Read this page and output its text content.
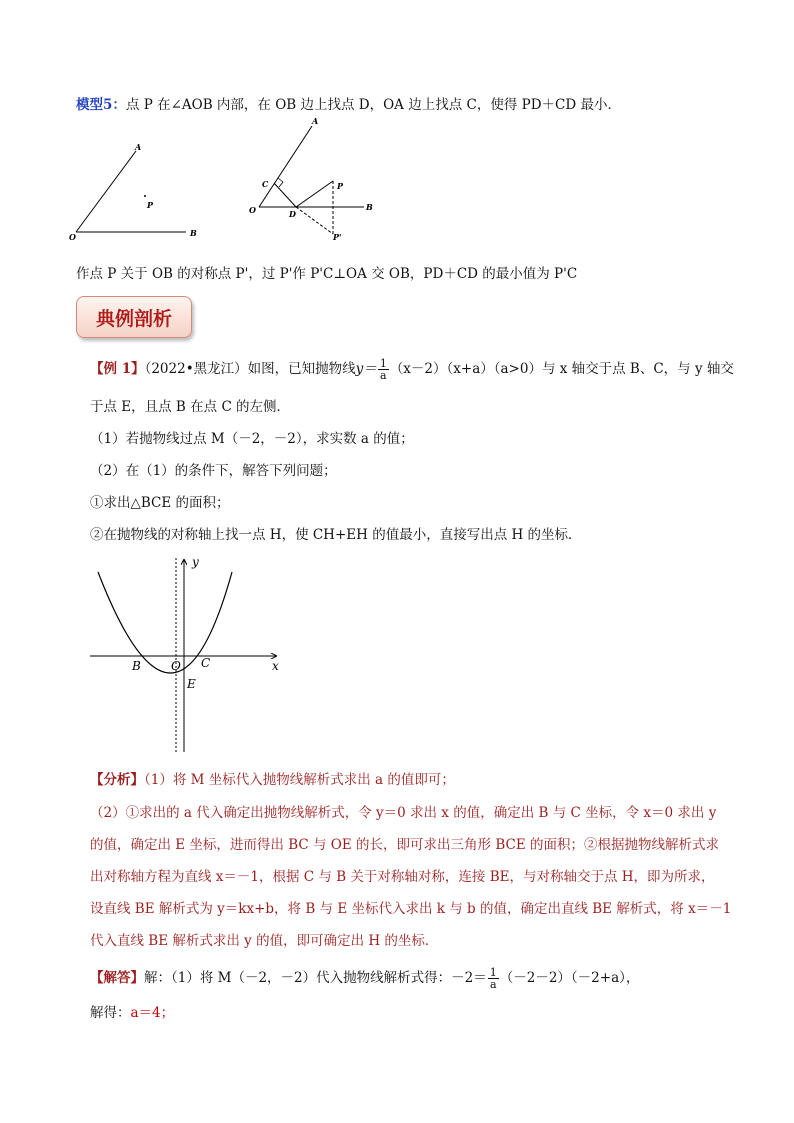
模型5：点 P 在∠AOB 内部，在 OB 边上找点 D，OA 边上找点 C，使得 PD＋CD 最小．
A
O	B
P
A
C
O	D
B
P
P'
作点 P 关于 OB 的对称点 P'，过 P'作 P'C⊥OA 交 OB，PD＋CD 的最小值为 P'C
典例剖析
【例 1】（2022•黑龙江）如图，已知抛物线$y= \frac{1}{a} (x-2)(x+a)(a>0)$与 x 轴交于点 B、C，与 y 轴交
于点 E，且点 B 在点 C 的左侧．
（1）若抛物线过点 M（－2，－2），求实数 a 的值；
（2）在（1）的条件下，解答下列问题；
①求出△BCE 的面积；
②在抛物线的对称轴上找一点 H，使 CH+EH 的值最小，直接写出点 H 的坐标．
y
x
B	O C
E
【分析】（1）将 M 坐标代入抛物线解析式求出 a 的值即可；
（2）①求出的 a 代入确定出抛物线解析式，令 y＝0 求出 x 的值，确定出 B 与 C 坐标，令 x＝0 求出 y
的值，确定出 E 坐标，进而得出 BC 与 OE 的长，即可求出三角形 BCE 的面积；②根据抛物线解析式求
出对称轴方程为直线 x＝－1，根据 C 与 B 关于对称轴对称，连接 BE，与对称轴交于点 H，即为所求，
设直线 BE 解析式为 y＝kx+b，将 B 与 E 坐标代入求出 k 与 b 的值，确定出直线 BE 解析式，将 x＝－1
代入直线 BE 解析式求出 y 的值，即可确定出 H 的坐标．
【解答】解：（1）将 M（－2，－2）代入抛物线解析式得：$-2= \frac{1}{a} (-2-2)(-2+a)$，
解得：a＝4；
